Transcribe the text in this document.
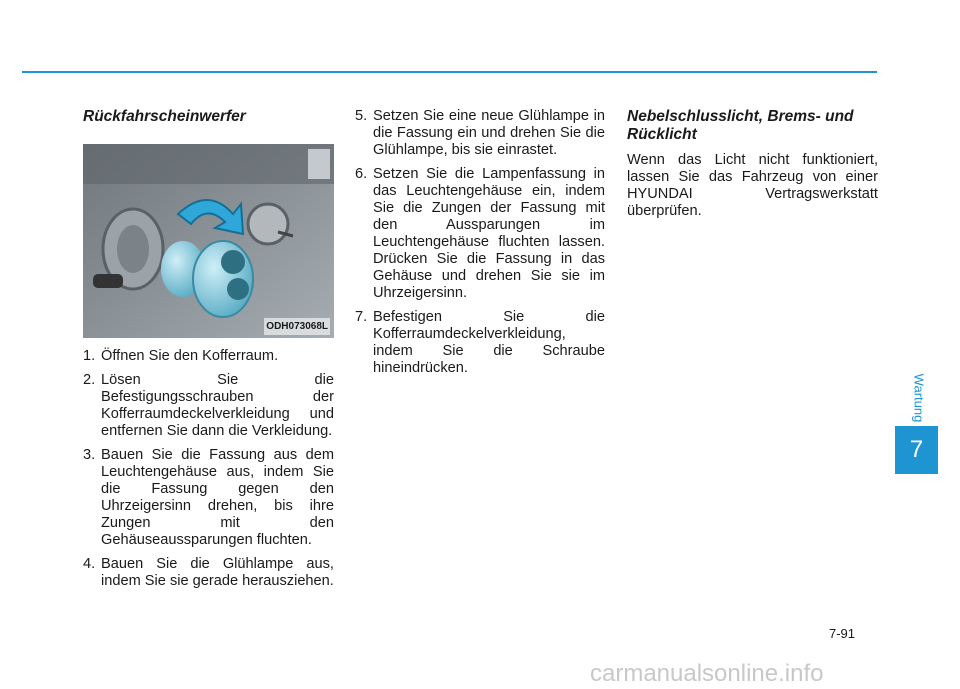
Rückfahrscheinwerfer
ODH073068L
1. Öffnen Sie den Kofferraum.
2. Lösen Sie die Befestigungsschrauben der Kofferraumdeckelverkleidung und entfernen Sie dann die Verkleidung.
3. Bauen Sie die Fassung aus dem Leuchtengehäuse aus, indem Sie die Fassung gegen den Uhrzeigersinn drehen, bis ihre Zungen mit den Gehäuseaussparungen fluchten.
4. Bauen Sie die Glühlampe aus, indem Sie sie gerade herausziehen.
5. Setzen Sie eine neue Glühlampe in die Fassung ein und drehen Sie die Glühlampe, bis sie einrastet.
6. Setzen Sie die Lampenfassung in das Leuchtengehäuse ein, indem Sie die Zungen der Fassung mit den Aussparungen im Leuchtengehäuse fluchten lassen. Drücken Sie die Fassung in das Gehäuse und drehen Sie sie im Uhrzeigersinn.
7. Befestigen Sie die Kofferraumdeckelverkleidung, indem Sie die Schraube hineindrücken.
Nebelschlusslicht, Brems- und Rücklicht

Wenn das Licht nicht funktioniert, lassen Sie das Fahrzeug von einer HYUNDAI Vertragswerkstatt überprüfen.

Wartung
7
7-91
carmanualsonline.info
